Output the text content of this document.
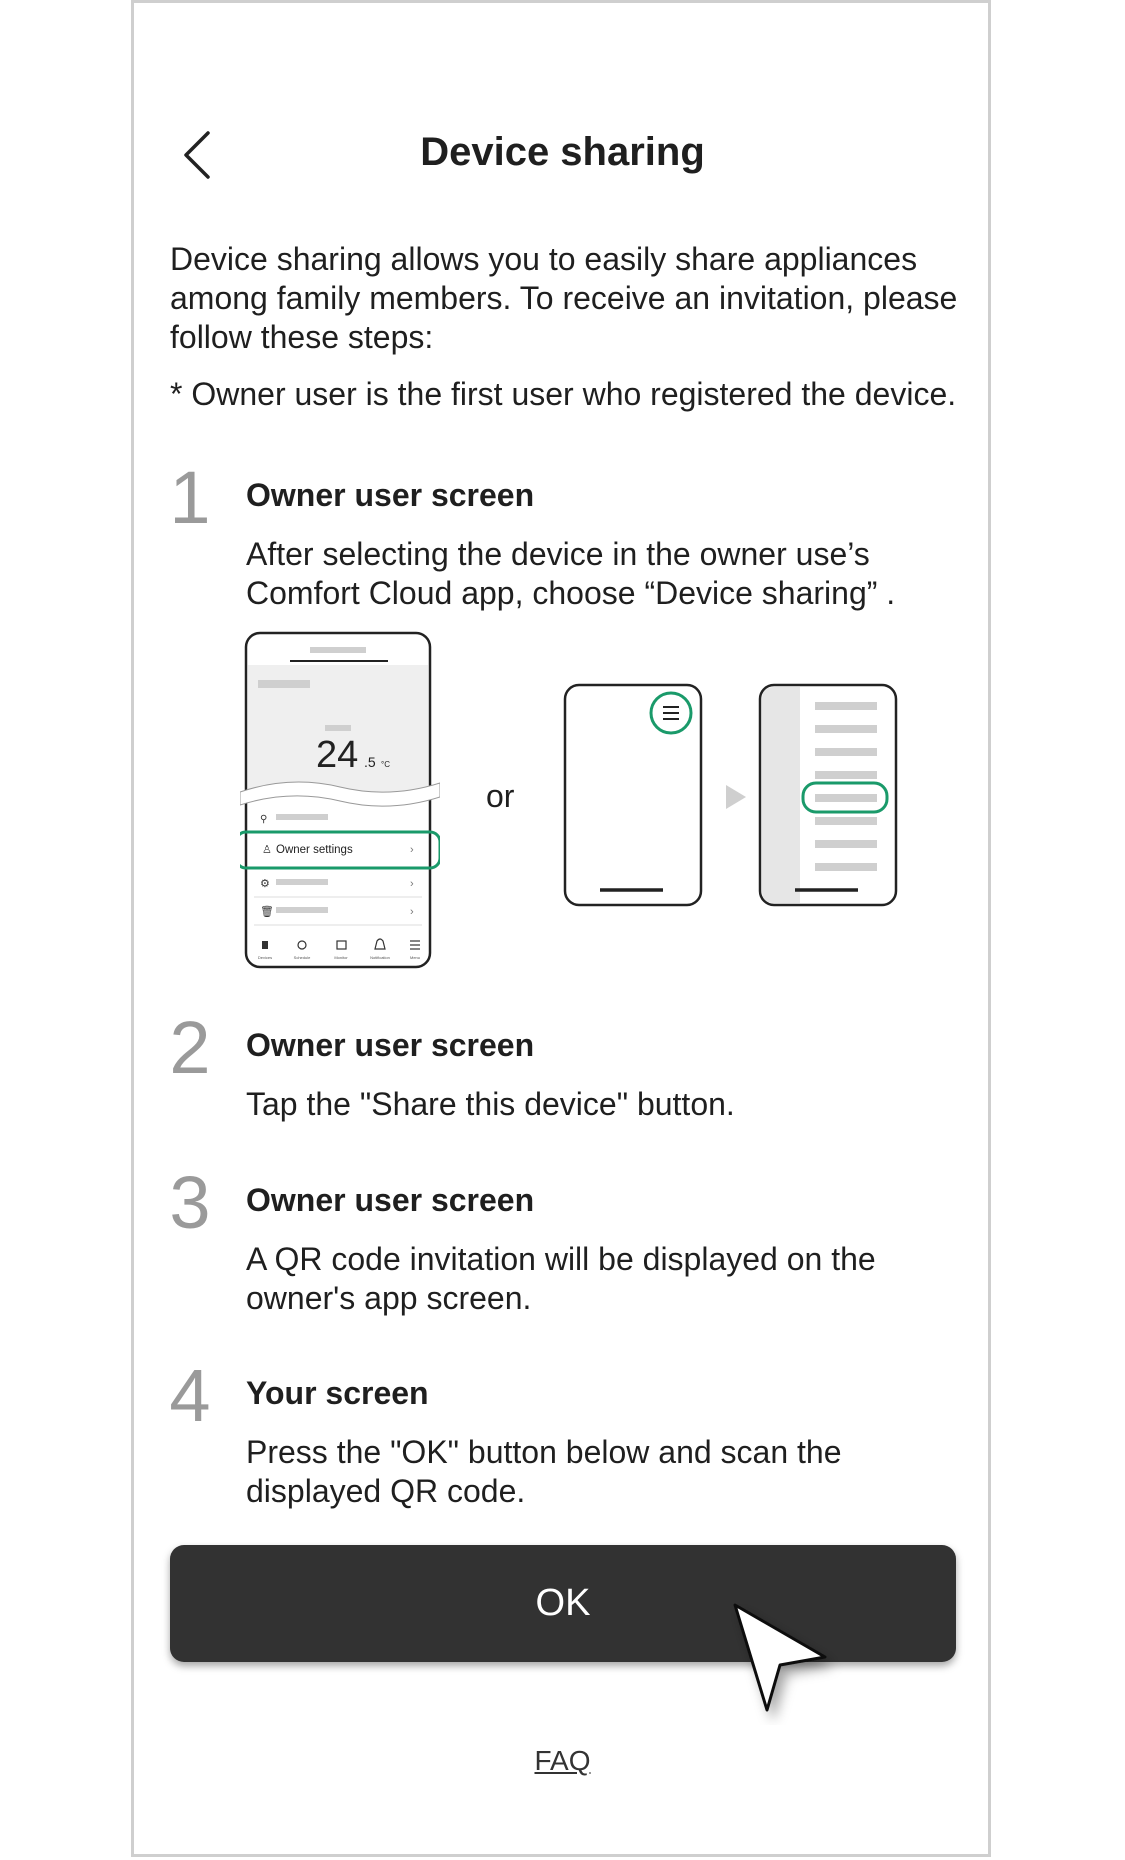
Device sharing
Device sharing allows you to easily share appliances among family members. To receive an invitation, please follow these steps:
* Owner user is the first user who registered the device.
1 Owner user screen
After selecting the device in the owner use’s Comfort Cloud app, choose “Device sharing” .
24 .5 °C
⚲
♙ Owner settings	›
⚙	›
🗑	›
Devices	Schedule	Monitor	Notification	Menu
or
2 Owner user screen
Tap the "Share this device" button.
3 Owner user screen
A QR code invitation will be displayed on the owner's app screen.
4 Your screen
Press the "OK" button below and scan the displayed QR code.
OK
FAQ
